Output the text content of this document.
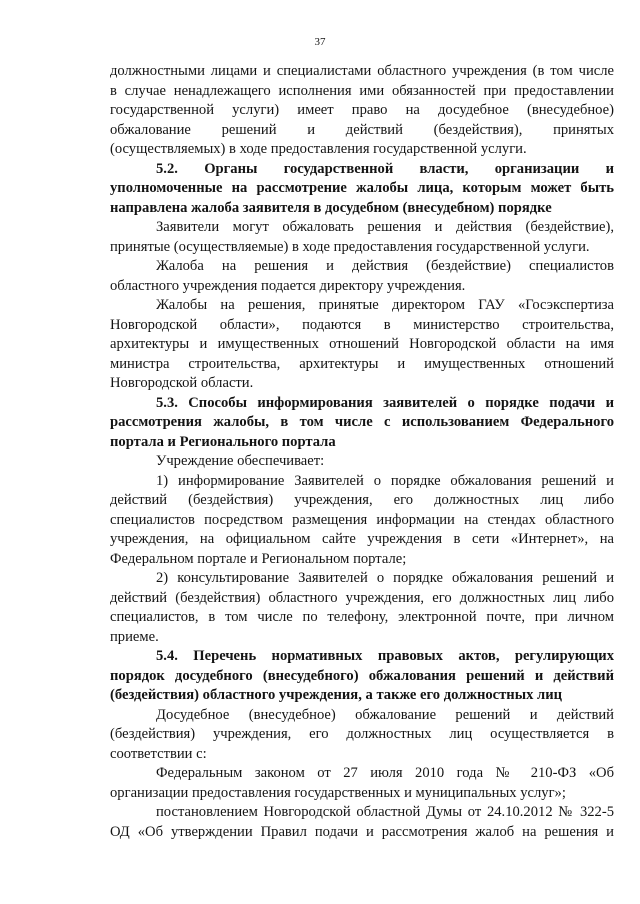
37
должностными лицами и специалистами областного учреждения (в том числе
в случае ненадлежащего исполнения ими обязанностей при предоставлении
государственной услуги) имеет право на досудебное (внесудебное)
обжалование решений и действий (бездействия), принятых
(осуществляемых) в ходе предоставления государственной услуги.
5.2. Органы государственной власти, организации и
уполномоченные на рассмотрение жалобы лица, которым может быть
направлена жалоба заявителя в досудебном (внесудебном) порядке
Заявители могут обжаловать решения и действия (бездействие),
принятые (осуществляемые) в ходе предоставления государственной услуги.
Жалоба на решения и действия (бездействие) специалистов
областного учреждения подается директору учреждения.
Жалобы на решения, принятые директором ГАУ «Госэкспертиза
Новгородской области», подаются в министерство строительства,
архитектуры и имущественных отношений Новгородской области на имя
министра строительства, архитектуры и имущественных отношений
Новгородской области.
5.3. Способы информирования заявителей о порядке подачи и
рассмотрения жалобы, в том числе с использованием Федерального
портала и Регионального портала
Учреждение обеспечивает:
1) информирование Заявителей о порядке обжалования решений и
действий (бездействия) учреждения, его должностных лиц либо
специалистов посредством размещения информации на стендах областного
учреждения, на официальном сайте учреждения в сети «Интернет», на
Федеральном портале и Региональном портале;
2) консультирование Заявителей о порядке обжалования решений и
действий (бездействия) областного учреждения, его должностных лиц либо
специалистов, в том числе по телефону, электронной почте, при личном
приеме.
5.4. Перечень нормативных правовых актов, регулирующих
порядок досудебного (внесудебного) обжалования решений и действий
(бездействия) областного учреждения, а также его должностных лиц
Досудебное (внесудебное) обжалование решений и действий
(бездействия) учреждения, его должностных лиц осуществляется в
соответствии с:
Федеральным законом от 27 июля 2010 года № 210-ФЗ «Об
организации предоставления государственных и муниципальных услуг»;
постановлением Новгородской областной Думы от 24.10.2012 № 322-5
ОД «Об утверждении Правил подачи и рассмотрения жалоб на решения и
